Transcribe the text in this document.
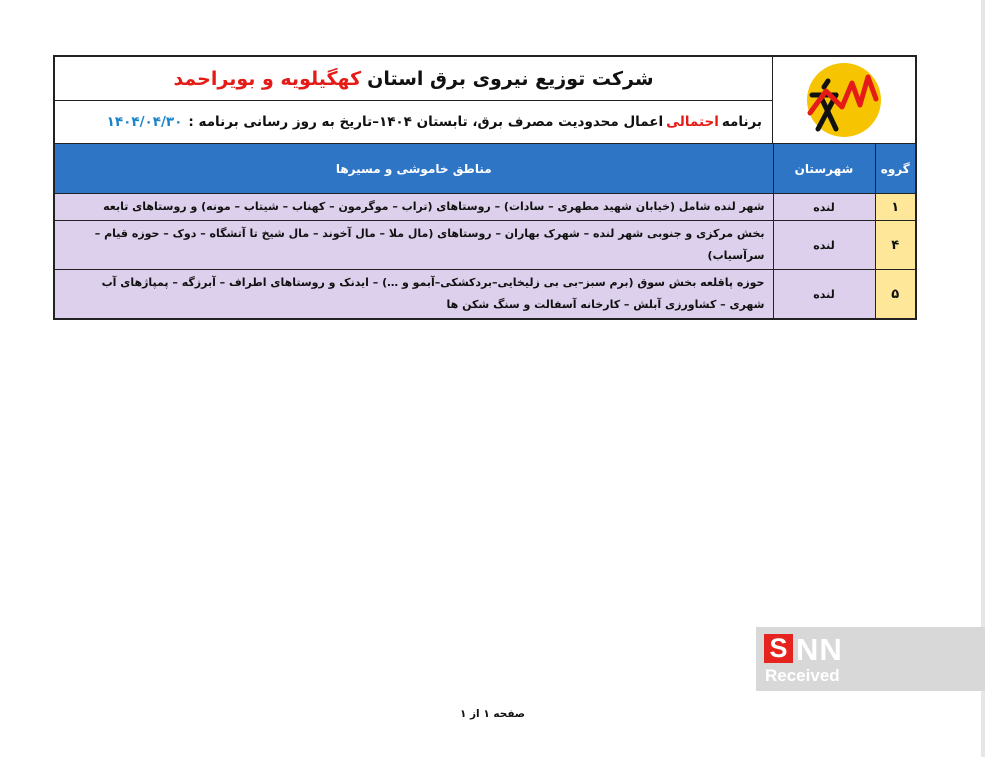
شرکت توزیع نیروی برق استان
کهگیلویه و بویراحمد
برنامه
احتمالی
اعمال محدودیت مصرف برق، تابستان ۱۴۰۴–تاریخ به روز رسانی برنامه :
۱۴۰۴/۰۴/۳۰
گروه	شهرستان	مناطق خاموشی و مسیرها
۱	لنده	شهر لنده شامل (خیابان شهید مطهری – سادات) – روستاهای (تراب – موگرمون – کهناب – شیتاب – مونه) و روستاهای تابعه
۴	لنده	بخش مرکزی و جنوبی شهر لنده – شهرک بهاران – روستاهای (مال ملا – مال آخوند – مال شیخ تا آتشگاه – دوک – حوزه قیام – سرآسیاب)
۵	لنده	حوزه پاقلعه بخش سوق (برم سبز–بی بی زلیخایی–بردکشکی–آبمو و …) – ایدنک و روستاهای اطراف – آبرزگه – پمپاژهای آب شهری – کشاورزی آبلش – کارخانه آسفالت و سنگ شکن ها
صفحه ۱ از ۱
S NN
Received
